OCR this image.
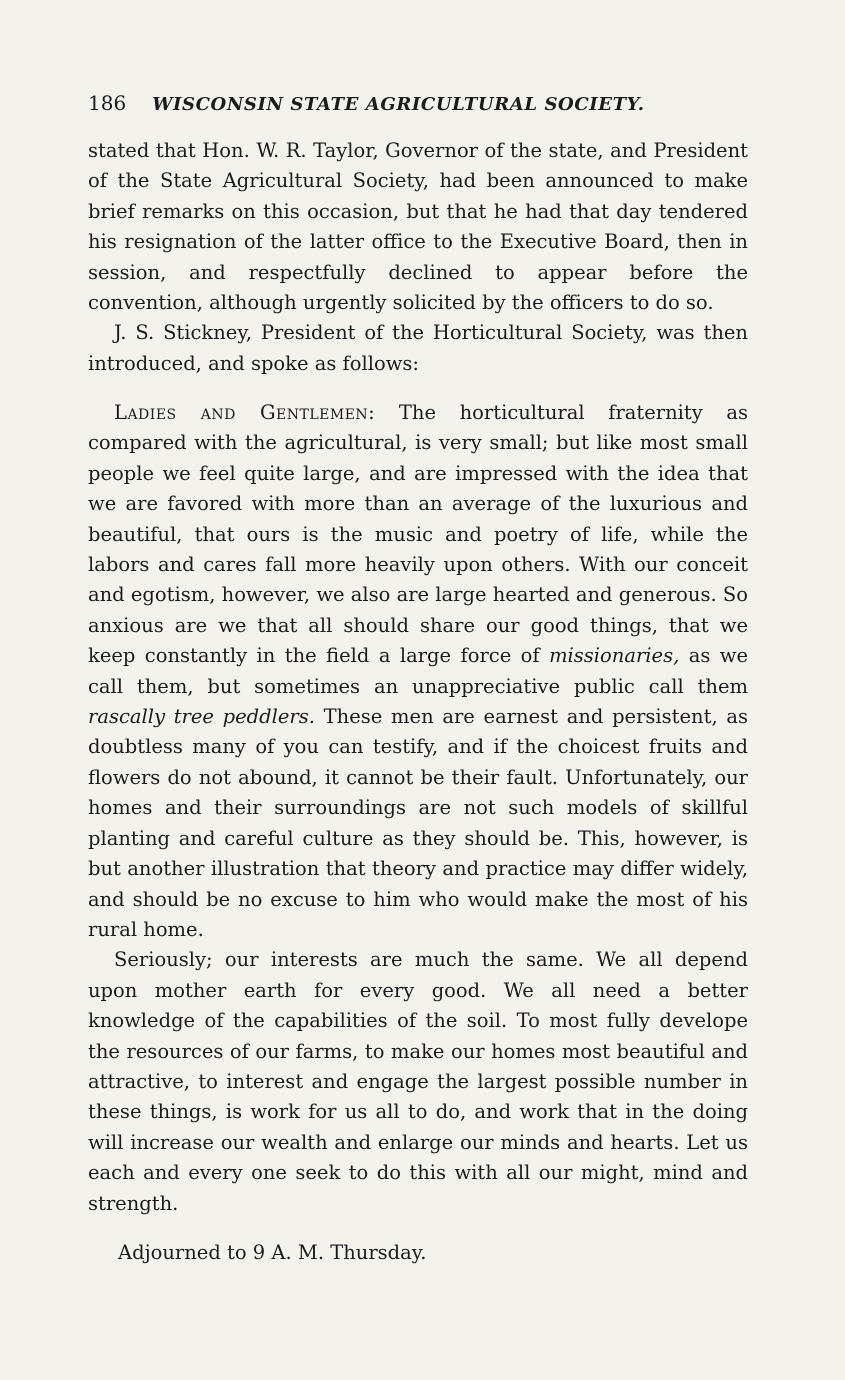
186 WISCONSIN STATE AGRICULTURAL SOCIETY.

stated that Hon. W. R. Taylor, Governor of the state, and President of the State Agricultural Society, had been announced to make brief remarks on this occasion, but that he had that day tendered his resignation of the latter office to the Executive Board, then in session, and respectfully declined to appear before the convention, although urgently solicited by the officers to do so.

J. S. Stickney, President of the Horticultural Society, was then introduced, and spoke as follows:

Ladies and Gentlemen: The horticultural fraternity as compared with the agricultural, is very small; but like most small people we feel quite large, and are impressed with the idea that we are favored with more than an average of the luxurious and beautiful, that ours is the music and poetry of life, while the labors and cares fall more heavily upon others. With our conceit and egotism, however, we also are large hearted and generous. So anxious are we that all should share our good things, that we keep constantly in the field a large force of missionaries, as we call them, but sometimes an unappreciative public call them rascally tree peddlers. These men are earnest and persistent, as doubtless many of you can testify, and if the choicest fruits and flowers do not abound, it cannot be their fault. Unfortunately, our homes and their surroundings are not such models of skillful planting and careful culture as they should be. This, however, is but another illustration that theory and practice may differ widely, and should be no excuse to him who would make the most of his rural home.

Seriously; our interests are much the same. We all depend upon mother earth for every good. We all need a better knowledge of the capabilities of the soil. To most fully develope the resources of our farms, to make our homes most beautiful and attractive, to interest and engage the largest possible number in these things, is work for us all to do, and work that in the doing will increase our wealth and enlarge our minds and hearts. Let us each and every one seek to do this with all our might, mind and strength.

Adjourned to 9 A. M. Thursday.
